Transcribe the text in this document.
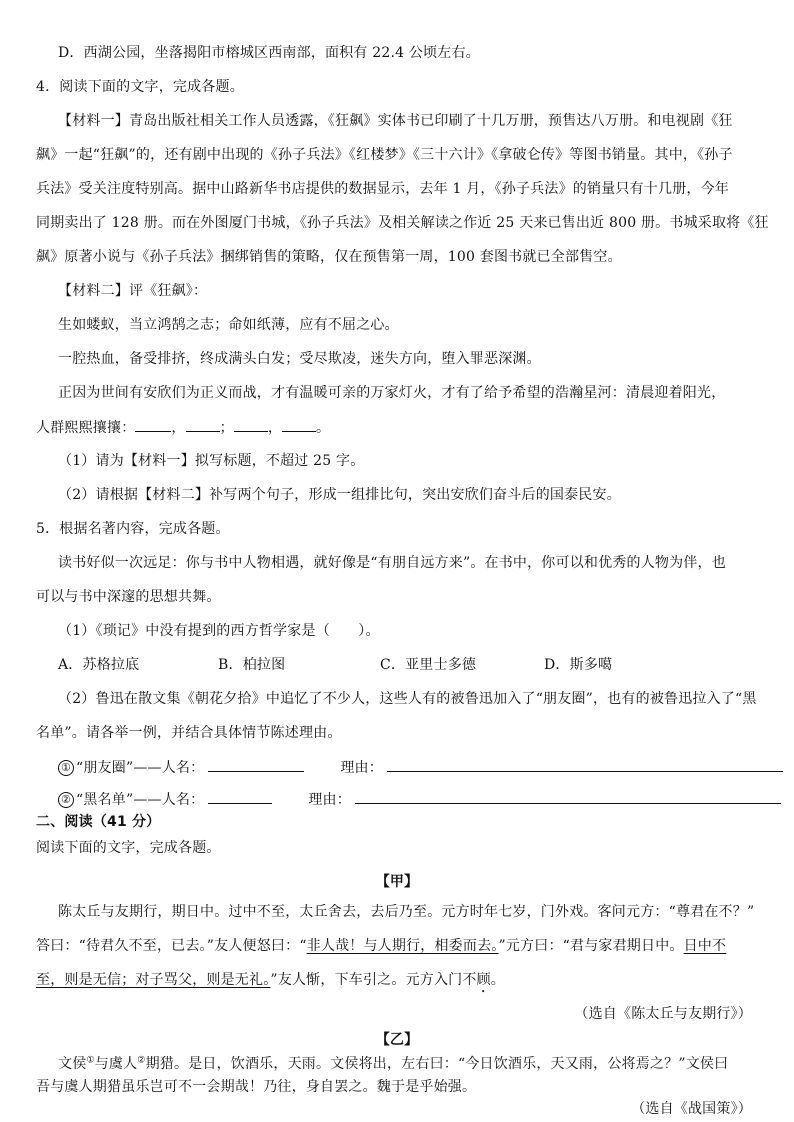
D．西湖公园，坐落揭阳市榕城区西南部，面积有 22.4 公顷左右。
4．阅读下面的文字，完成各题。
【材料一】青岛出版社相关工作人员透露，《狂飙》实体书已印刷了十几万册，预售达八万册。和电视剧《狂
飙》一起“狂飙”的，还有剧中出现的《孙子兵法》《红楼梦》《三十六计》《拿破仑传》等图书销量。其中，《孙子
兵法》受关注度特别高。据中山路新华书店提供的数据显示，去年 1 月，《孙子兵法》的销量只有十几册，今年
同期卖出了 128 册。而在外图厦门书城，《孙子兵法》及相关解读之作近 25 天来已售出近 800 册。书城采取将《狂
飙》原著小说与《孙子兵法》捆绑销售的策略，仅在预售第一周，100 套图书就已全部售空。
【材料二】评《狂飙》：
生如蝼蚁，当立鸿鹄之志；命如纸薄，应有不屈之心。
一腔热血，备受排挤，终成满头白发；受尽欺凌，迷失方向，堕入罪恶深渊。
正因为世间有安欣们为正义而战，才有温暖可亲的万家灯火，才有了给予希望的浩瀚星河：清晨迎着阳光，
人群熙熙攘攘：	， ； ， 。
（1）请为【材料一】拟写标题，不超过 25 字。
（2）请根据【材料二】补写两个句子，形成一组排比句，突出安欣们奋斗后的国泰民安。
5．根据名著内容，完成各题。
读书好似一次远足：你与书中人物相遇，就好像是“有朋自远方来”。在书中，你可以和优秀的人物为伴，也
可以与书中深邃的思想共舞。
（1）《琐记》中没有提到的西方哲学家是（　　）。
A．苏格拉底	B．柏拉图	C．亚里士多德	D．斯多噶
（2）鲁迅在散文集《朝花夕拾》中追忆了不少人，这些人有的被鲁迅加入了“朋友圈”，也有的被鲁迅拉入了“黑
名单”。请各举一例，并结合具体情节陈述理由。
① “朋友圈”——人名：	理由：
② “黑名单”——人名：	理由：
二、阅读（41 分）
阅读下面的文字，完成各题。
【甲】
陈太丘与友期行，期日中。过中不至，太丘舍去，去后乃至。元方时年七岁，门外戏。客问元方：“尊君在不？”
答曰：“待君久不至，已去。”友人便怒曰：“非人哉！与人期行，相委而去。”元方曰：“君与家君期日中。日中不
至，则是无信；对子骂父，则是无礼。”友人惭，下车引之。元方入门不顾。
（选自《陈太丘与友期行》）
【乙】
文侯①与虞人②期猎。是日，饮酒乐，天雨。文侯将出，左右曰：“今日饮酒乐，天又雨，公将焉之？”文侯曰
吾与虞人期猎虽乐岂可不一会期哉！乃往，身自罢之。魏于是乎始强。
（选自《战国策》）
